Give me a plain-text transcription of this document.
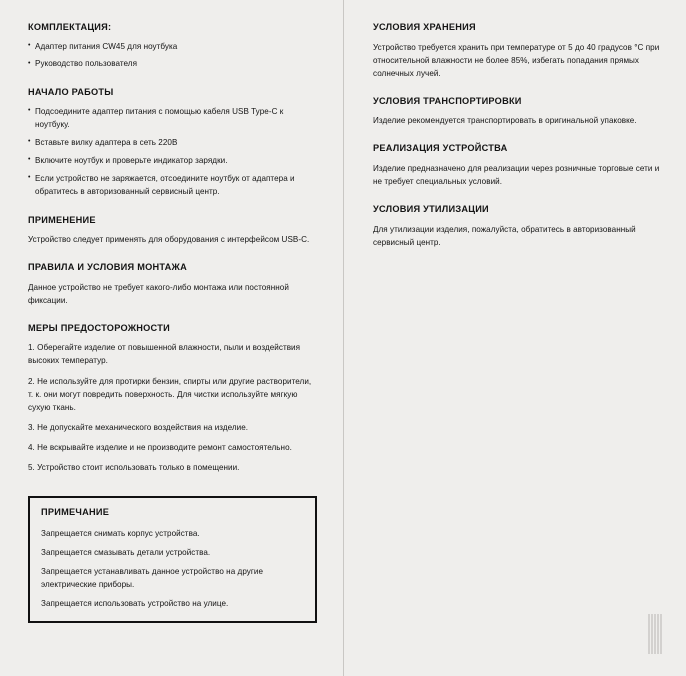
КОМПЛЕКТАЦИЯ:
• Адаптер питания CW45 для ноутбука
• Руководство пользователя
НАЧАЛО РАБОТЫ
• Подсоедините адаптер питания с помощью кабеля USB Type-C к ноутбуку.
• Вставьте вилку адаптера в сеть 220В
• Включите ноутбук и проверьте индикатор зарядки.
• Если устройство не заряжается, отсоедините ноутбук от адаптера и обратитесь в авторизованный сервисный центр.
ПРИМЕНЕНИЕ

Устройство следует применять для оборудования с интерфейсом USB-C.

ПРАВИЛА И УСЛОВИЯ МОНТАЖА

Данное устройство не требует какого-либо монтажа или постоянной фиксации.

МЕРЫ ПРЕДОСТОРОЖНОСТИ
1. Оберегайте изделие от повышенной влажности, пыли и воздействия высоких температур.
2. Не используйте для протирки бензин, спирты или другие растворители, т. к. они могут повредить поверхность. Для чистки используйте мягкую сухую ткань.
3. Не допускайте механического воздействия на изделие.
4. Не вскрывайте изделие и не производите ремонт самостоятельно.
5. Устройство стоит использовать только в помещении.
ПРИМЕЧАНИЕ

Запрещается снимать корпус устройства.

Запрещается смазывать детали устройства.

Запрещается устанавливать данное устройство на другие электрические приборы.

Запрещается использовать устройство на улице.

УСЛОВИЯ ХРАНЕНИЯ

Устройство требуется хранить при температуре от 5 до 40 градусов °C при относительной влажности не более 85%, избегать попадания прямых солнечных лучей.

УСЛОВИЯ ТРАНСПОРТИРОВКИ

Изделие рекомендуется транспортировать в оригинальной упаковке.

РЕАЛИЗАЦИЯ УСТРОЙСТВА

Изделие предназначено для реализации через розничные торговые сети и не требует специальных условий.

УСЛОВИЯ УТИЛИЗАЦИИ

Для утилизации изделия, пожалуйста, обратитесь в авторизованный сервисный центр.
